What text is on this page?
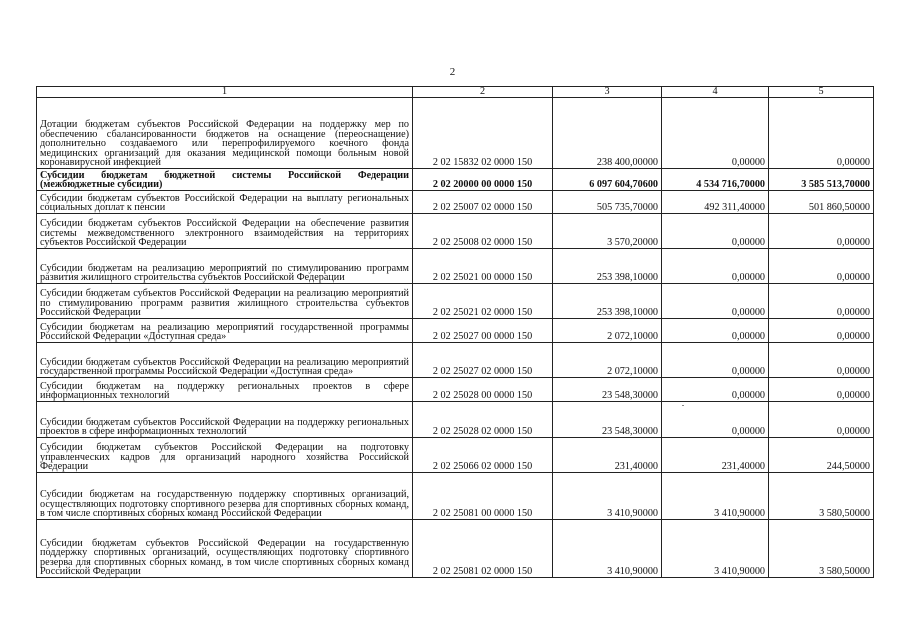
2
1	2	3	4	5
Дотации бюджетам субъектов Российской Федерации на поддержку мер по обеспечению сбалансированности бюджетов на оснащение (переоснащение) дополнительно создаваемого или перепрофилируемого коечного фонда медицинских организаций для оказания медицинской помощи больным новой коронавирусной инфекцией	2 02 15832 02 0000 150	238 400,00000	0,00000	0,00000
Субсидии бюджетам бюджетной системы Российской Федерации (межбюджетные субсидии)	2 02 20000 00 0000 150	6 097 604,70600	4 534 716,70000	3 585 513,70000
Субсидии бюджетам субъектов Российской Федерации на выплату региональных социальных доплат к пенсии	2 02 25007 02 0000 150	505 735,70000	492 311,40000	501 860,50000
Субсидии бюджетам субъектов Российской Федерации на обеспечение развития системы межведомственного электронного взаимодействия на территориях субъектов Российской Федерации	2 02 25008 02 0000 150	3 570,20000	0,00000	0,00000
Субсидии бюджетам на реализацию мероприятий по стимулированию программ развития жилищного строительства субъектов Российской Федерации	2 02 25021 00 0000 150	253 398,10000	0,00000	0,00000
Субсидии бюджетам субъектов Российской Федерации на реализацию мероприятий по стимулированию программ развития жилищного строительства субъектов Российской Федерации	2 02 25021 02 0000 150	253 398,10000	0,00000	0,00000
Субсидии бюджетам на реализацию мероприятий государственной программы Российской Федерации «Доступная среда»	2 02 25027 00 0000 150	2 072,10000	0,00000	0,00000
Субсидии бюджетам субъектов Российской Федерации на реализацию мероприятий государственной программы Российской Федерации «Доступная среда»	2 02 25027 02 0000 150	2 072,10000	0,00000	0,00000
Субсидии бюджетам на поддержку региональных проектов в сфере информационных технологий	2 02 25028 00 0000 150	23 548,30000	0,00000	0,00000
Субсидии бюджетам субъектов Российской Федерации на поддержку региональных проектов в сфере информационных технологий	2 02 25028 02 0000 150	23 548,30000	0,00000	0,00000
Субсидии бюджетам субъектов Российской Федерации на подготовку управленческих кадров для организаций народного хозяйства Российской Федерации	2 02 25066 02 0000 150	231,40000	231,40000	244,50000
Субсидии бюджетам на государственную поддержку спортивных организаций, осуществляющих подготовку спортивного резерва для спортивных сборных команд, в том числе спортивных сборных команд Российской Федерации	2 02 25081 00 0000 150	3 410,90000	3 410,90000	3 580,50000
Субсидии бюджетам субъектов Российской Федерации на государственную поддержку спортивных организаций, осуществляющих подготовку спортивного резерва для спортивных сборных команд, в том числе спортивных сборных команд Российской Федерации	2 02 25081 02 0000 150	3 410,90000	3 410,90000	3 580,50000
